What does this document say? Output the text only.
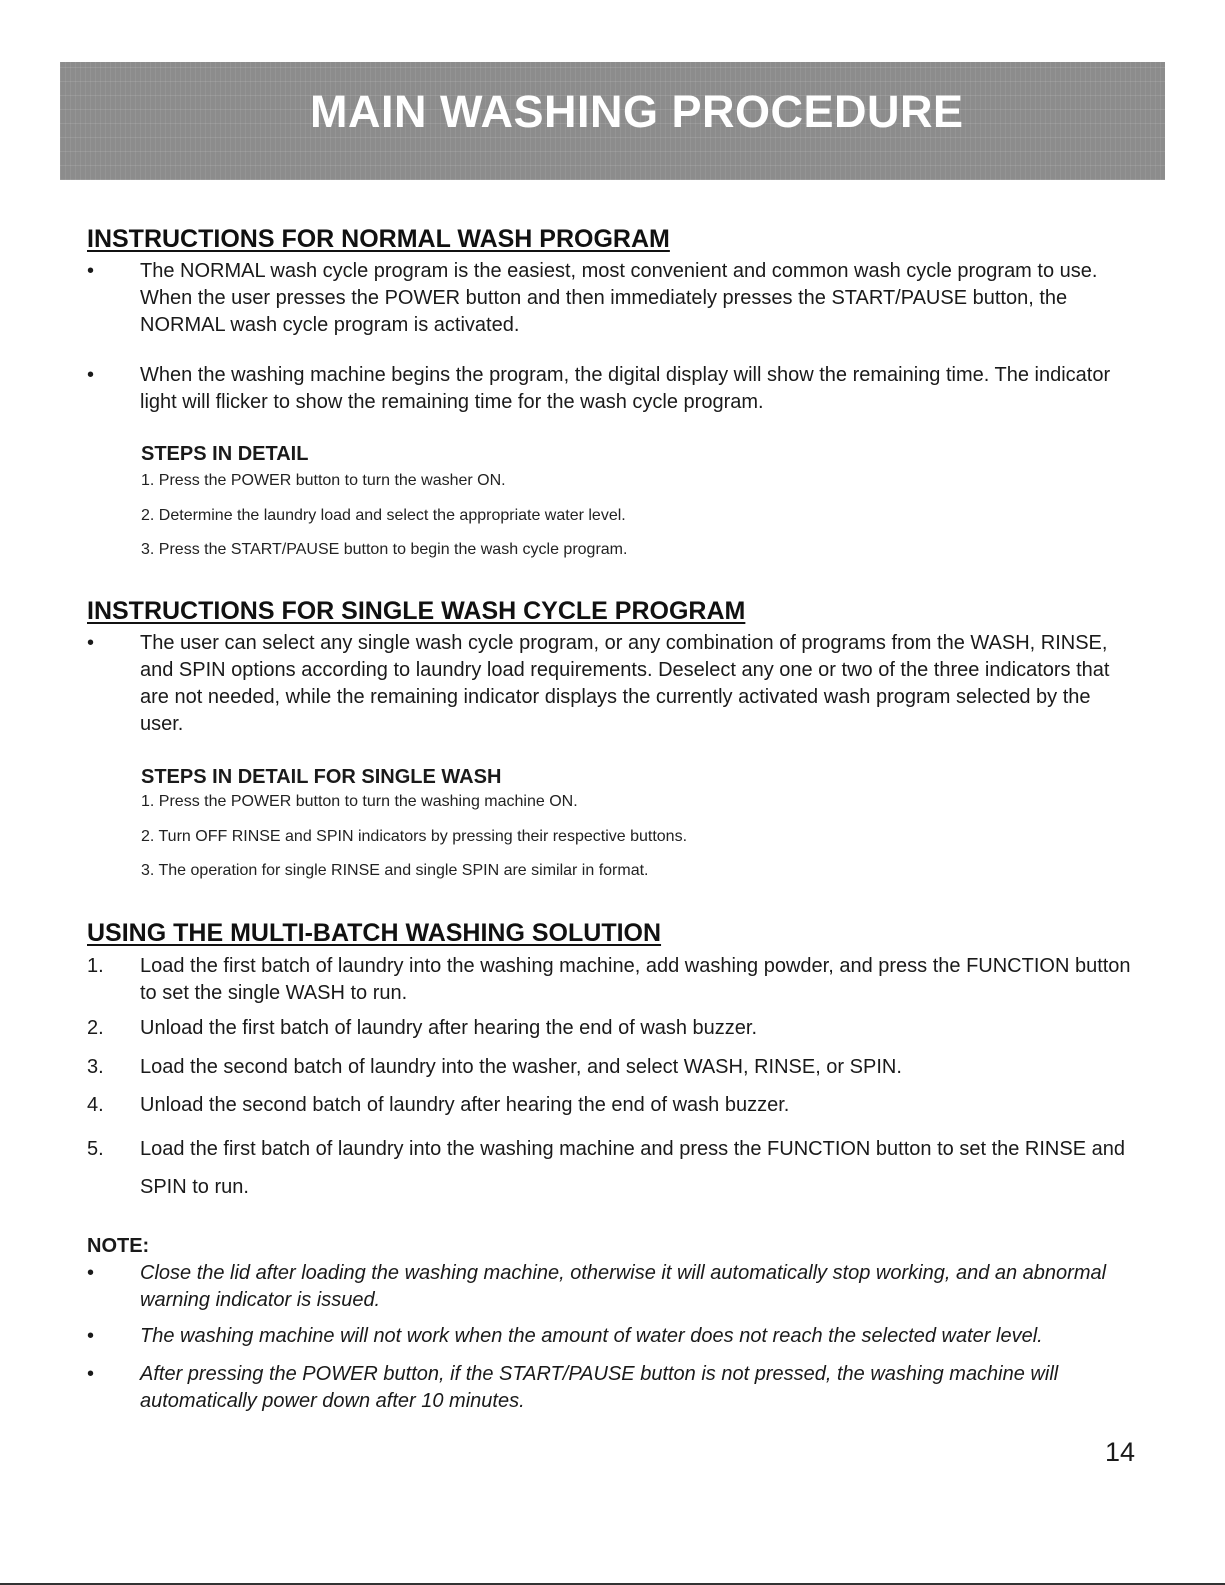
MAIN WASHING PROCEDURE
INSTRUCTIONS FOR NORMAL WASH PROGRAM
• The NORMAL wash cycle program is the easiest, most convenient and common wash cycle program to use. When the user presses the POWER button and then immediately presses the START/PAUSE button, the NORMAL wash cycle program is activated.
• When the washing machine begins the program, the digital display will show the remaining time. The indicator light will flicker to show the remaining time for the wash cycle program.
STEPS IN DETAIL
1. Press the POWER button to turn the washer ON.
2. Determine the laundry load and select the appropriate water level.
3. Press the START/PAUSE button to begin the wash cycle program.
INSTRUCTIONS FOR SINGLE WASH CYCLE PROGRAM
• The user can select any single wash cycle program, or any combination of programs from the WASH, RINSE, and SPIN options according to laundry load requirements. Deselect any one or two of the three indicators that are not needed, while the remaining indicator displays the currently activated wash program selected by the user.
STEPS IN DETAIL FOR SINGLE WASH
1. Press the POWER button to turn the washing machine ON.
2. Turn OFF RINSE and SPIN indicators by pressing their respective buttons.
3. The operation for single RINSE and single SPIN are similar in format.
USING THE MULTI-BATCH WASHING SOLUTION
1. Load the first batch of laundry into the washing machine, add washing powder, and press the FUNCTION button to set the single WASH to run.
2. Unload the first batch of laundry after hearing the end of wash buzzer.
3. Load the second batch of laundry into the washer, and select WASH, RINSE, or SPIN.
4. Unload the second batch of laundry after hearing the end of wash buzzer.
5. Load the first batch of laundry into the washing machine and press the FUNCTION button to set the RINSE and SPIN to run.
NOTE:
• Close the lid after loading the washing machine, otherwise it will automatically stop working, and an abnormal warning indicator is issued.
• The washing machine will not work when the amount of water does not reach the selected water level.
• After pressing the POWER button, if the START/PAUSE button is not pressed, the washing machine will automatically power down after 10 minutes.
14
